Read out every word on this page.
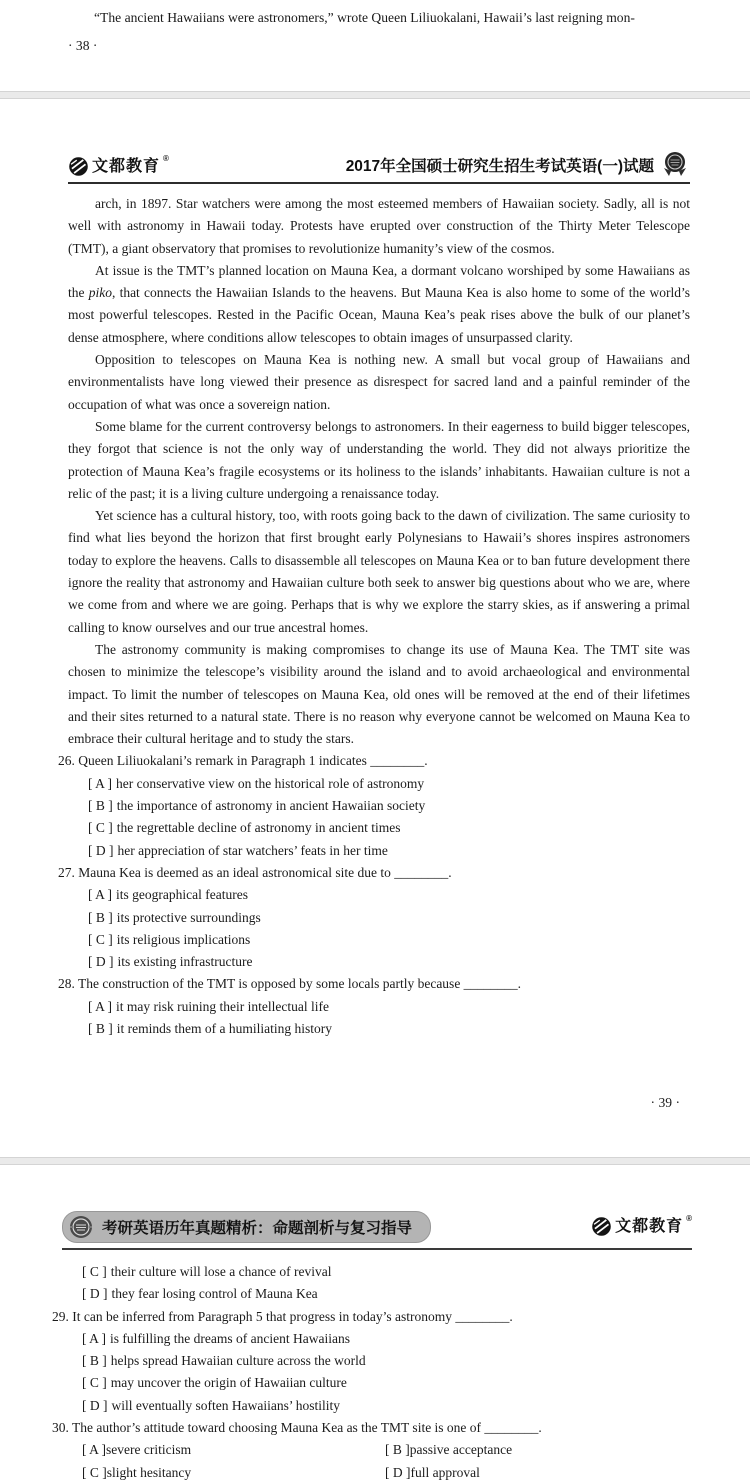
“The ancient Hawaiians were astronomers,” wrote Queen Liliuokalani, Hawaii’s last reigning mon-
· 38 ·
文都教育 ®	2017年全国硕士研究生招生考试英语(一)试题

arch, in 1897. Star watchers were among the most esteemed members of Hawaiian society. Sadly, all is not well with astronomy in Hawaii today. Protests have erupted over construction of the Thirty Meter Telescope (TMT), a giant observatory that promises to revolutionize humanity’s view of the cosmos.

At issue is the TMT’s planned location on Mauna Kea, a dormant volcano worshiped by some Hawaiians as the piko, that connects the Hawaiian Islands to the heavens. But Mauna Kea is also home to some of the world’s most powerful telescopes. Rested in the Pacific Ocean, Mauna Kea’s peak rises above the bulk of our planet’s dense atmosphere, where conditions allow telescopes to obtain images of unsurpassed clarity.

Opposition to telescopes on Mauna Kea is nothing new. A small but vocal group of Hawaiians and environmentalists have long viewed their presence as disrespect for sacred land and a painful reminder of the occupation of what was once a sovereign nation.

Some blame for the current controversy belongs to astronomers. In their eagerness to build bigger telescopes, they forgot that science is not the only way of understanding the world. They did not always prioritize the protection of Mauna Kea’s fragile ecosystems or its holiness to the islands’ inhabitants. Hawaiian culture is not a relic of the past; it is a living culture undergoing a renaissance today.

Yet science has a cultural history, too, with roots going back to the dawn of civilization. The same curiosity to find what lies beyond the horizon that first brought early Polynesians to Hawaii’s shores inspires astronomers today to explore the heavens. Calls to disassemble all telescopes on Mauna Kea or to ban future development there ignore the reality that astronomy and Hawaiian culture both seek to answer big questions about who we are, where we come from and where we are going. Perhaps that is why we explore the starry skies, as if answering a primal calling to know ourselves and our true ancestral homes.

The astronomy community is making compromises to change its use of Mauna Kea. The TMT site was chosen to minimize the telescope’s visibility around the island and to avoid archaeological and environmental impact. To limit the number of telescopes on Mauna Kea, old ones will be removed at the end of their lifetimes and their sites returned to a natural state. There is no reason why everyone cannot be welcomed on Mauna Kea to embrace their cultural heritage and to study the stars.

26. Queen Liliuokalani’s remark in Paragraph 1 indicates ________.
[ A ] her conservative view on the historical role of astronomy
[ B ] the importance of astronomy in ancient Hawaiian society
[ C ] the regrettable decline of astronomy in ancient times
[ D ] her appreciation of star watchers’ feats in her time
27. Mauna Kea is deemed as an ideal astronomical site due to ________.
[ A ] its geographical features
[ B ] its protective surroundings
[ C ] its religious implications
[ D ] its existing infrastructure
28. The construction of the TMT is opposed by some locals partly because ________.
[ A ] it may risk ruining their intellectual life
[ B ] it reminds them of a humiliating history
· 39 ·
考研英语历年真题精析：命题剖析与复习指导	文都教育 ®
[ C ] their culture will lose a chance of revival
[ D ] they fear losing control of Mauna Kea
29. It can be inferred from Paragraph 5 that progress in today’s astronomy ________.
[ A ] is fulfilling the dreams of ancient Hawaiians
[ B ] helps spread Hawaiian culture across the world
[ C ] may uncover the origin of Hawaiian culture
[ D ] will eventually soften Hawaiians’ hostility
30. The author’s attitude toward choosing Mauna Kea as the TMT site is one of ________.
[ A ]severe criticism	[ B ]passive acceptance
[ C ]slight hesitancy	[ D ]full approval
